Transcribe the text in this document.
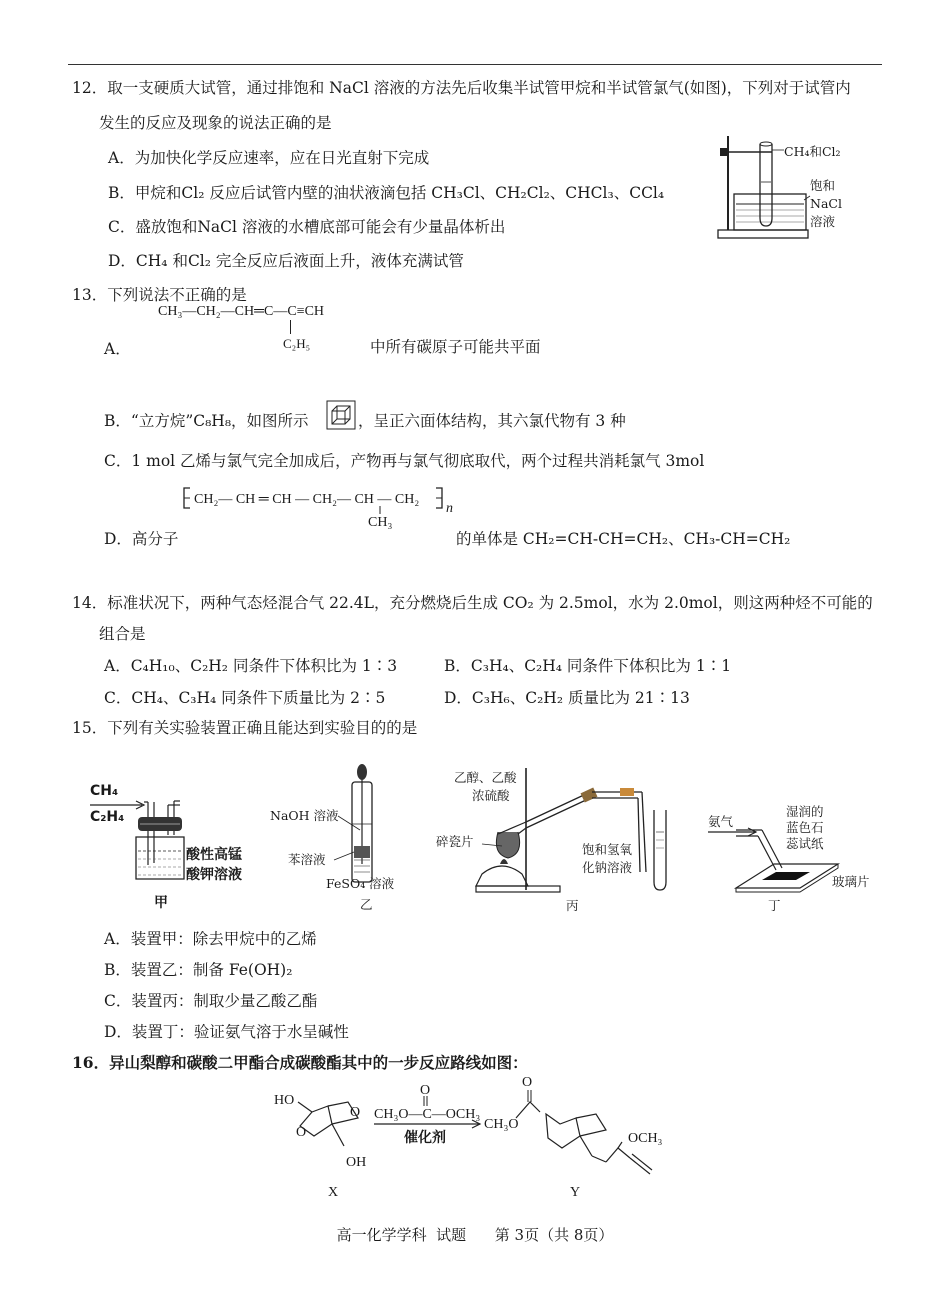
12．取一支硬质大试管，通过排饱和 NaCl 溶液的方法先后收集半试管甲烷和半试管氯气(如图)，下列对于试管内
发生的反应及现象的说法正确的是
A．为加快化学反应速率，应在日光直射下完成
B．甲烷和Cl₂ 反应后试管内壁的油状液滴包括 CH₃Cl、CH₂Cl₂、CHCl₃、CCl₄
C．盛放饱和NaCl 溶液的水槽底部可能会有少量晶体析出
D．CH₄ 和Cl₂ 完全反应后液面上升，液体充满试管
CH₄和Cl₂
饱和
NaCl
溶液
13．下列说法不正确的是
CH₃—CH₂—CH═C—C≡CH
C₂H₅
A．	中所有碳原子可能共平面
B．“立方烷”C₈H₈，如图所示	，呈正六面体结构，其六氯代物有 3 种
C．1 mol 乙烯与氯气完全加成后，产物再与氯气彻底取代，两个过程共消耗氯气 3mol
CH₂— CH ═ CH — CH₂— CH — CH₂
CH₃
n
D．高分子	的单体是 CH₂=CH-CH=CH₂、CH₃-CH=CH₂
14．标准状况下，两种气态烃混合气 22.4L，充分燃烧后生成 CO₂ 为 2.5mol，水为 2.0mol，则这两种烃不可能的
组合是
A．C₄H₁₀、C₂H₂ 同条件下体积比为 1∶3	B．C₃H₄、C₂H₄ 同条件下体积比为 1∶1
C．CH₄、C₃H₄ 同条件下质量比为 2∶5	D．C₃H₆、C₂H₂ 质量比为 21∶13
15．下列有关实验装置正确且能达到实验目的的是
CH₄
C₂H₄
酸性高锰
酸钾溶液
甲
NaOH 溶液
苯溶液
FeSO₄ 溶液
乙
乙醇、乙酸
浓硫酸
碎瓷片
饱和氢氧
化钠溶液
丙
氨气
湿润的
蓝色石
蕊试纸
玻璃片
丁
A．装置甲：除去甲烷中的乙烯
B．装置乙：制备 Fe(OH)₂
C．装置丙：制取少量乙酸乙酯
D．装置丁：验证氨气溶于水呈碱性
16．异山梨醇和碳酸二甲酯合成碳酸酯其中的一步反应路线如图：
HO
O
O
OH
X
O
CH₃O—C—OCH₃
催化剂
CH₃O
O
OCH₃
Y
高一化学学科  试题      第 3页（共 8页）
